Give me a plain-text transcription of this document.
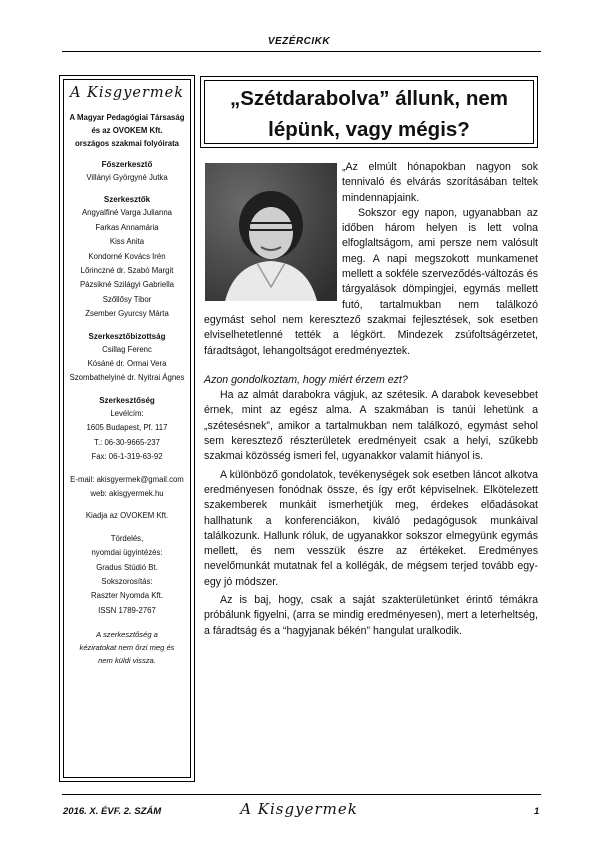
VEZÉRCIKK
A Kisgyermek
A Magyar Pedagógiai Társaság
és az OVOKEM Kft.
országos szakmai folyóirata
Főszerkesztő
Villányi Györgyné Jutka
Szerkesztők
Angyalfiné Varga Julianna
Farkas Annamária
Kiss Anita
Kondorné Kovács Irén
Lőrinczné dr. Szabó Margit
Pázsikné Szilágyi Gabriella
Szőllősy Tibor
Zsember Gyurcsy Márta
Szerkesztőbizottság
Csillag Ferenc
Kósáné dr. Ormai Vera
Szombathelyiné dr. Nyitrai Ágnes
Szerkesztőség
Levélcím:
1605 Budapest, Pf. 117
T.: 06-30-9665-237
Fax: 06-1-319-63-92
E-mail: akisgyermek@gmail.com
web: akisgyermek.hu
Kiadja az OVOKEM Kft.
Tördelés,
nyomdai ügyintézés:
Gradus Stúdió Bt.
Sokszorosítás:
Raszter Nyomda Kft.
ISSN 1789-2767
A szerkesztőség a
kéziratokat nem őrzi meg és
nem küldi vissza.
„Szétdarabolva” állunk, nem
lépünk, vagy mégis?

„Az elmúlt hónapokban nagyon sok tennivaló és elvárás szorításában teltek mindennapjaink.

Sokszor egy napon, ugyanabban az időben három helyen is lett volna elfoglaltságom, ami persze nem valósult meg. A napi megszokott munkamenet mellett a sokféle szerveződés-változás és tárgyalások dömpingjei, egymás mellett futó, tartalmukban nem találkozó egymást sehol nem keresztező szakmai fejlesztések, sok esetben elviselhetetlenné tették a légkört. Mindezek zsúfoltságérzetet, fáradtságot, lehangoltságot eredményeztek.

Azon gondolkoztam, hogy miért érzem ezt?

Ha az almát darabokra vágjuk, az szétesik. A darabok kevesebbet érnek, mint az egész alma. A szakmában is tanúi lehetünk a „szétesésnek”, amikor a tartalmukban nem találkozó, egymást sehol sem keresztező részterületek eredményeit csak a helyi, szűkebb szakmai közösség ismeri fel, ugyanakkor valamit hiányol is.

A különböző gondolatok, tevékenységek sok esetben láncot alkotva eredményesen fonódnak össze, és így erőt képviselnek. Elkötelezett szakemberek munkáit ismerhetjük meg, érdekes előadásokat hallhatunk a konferenciákon, kiváló pedagógusok munkáival találkozunk. Hallunk róluk, de ugyanakkor sokszor elmegyünk egymás mellett, és nem vesszük észre az értékeket. Eredményes nevelőmunkát mutatnak fel a kollégák, de mégsem terjed tovább egy-egy jó módszer.

Az is baj, hogy, csak a saját szakterületünket érintő témákra próbálunk figyelni, (arra se mindig eredményesen), mert a leterheltség, a fáradtság és a “hagyjanak békén” hangulat uralkodik.

2016. X. ÉVF. 2. SZÁM	A Kisgyermek	1
